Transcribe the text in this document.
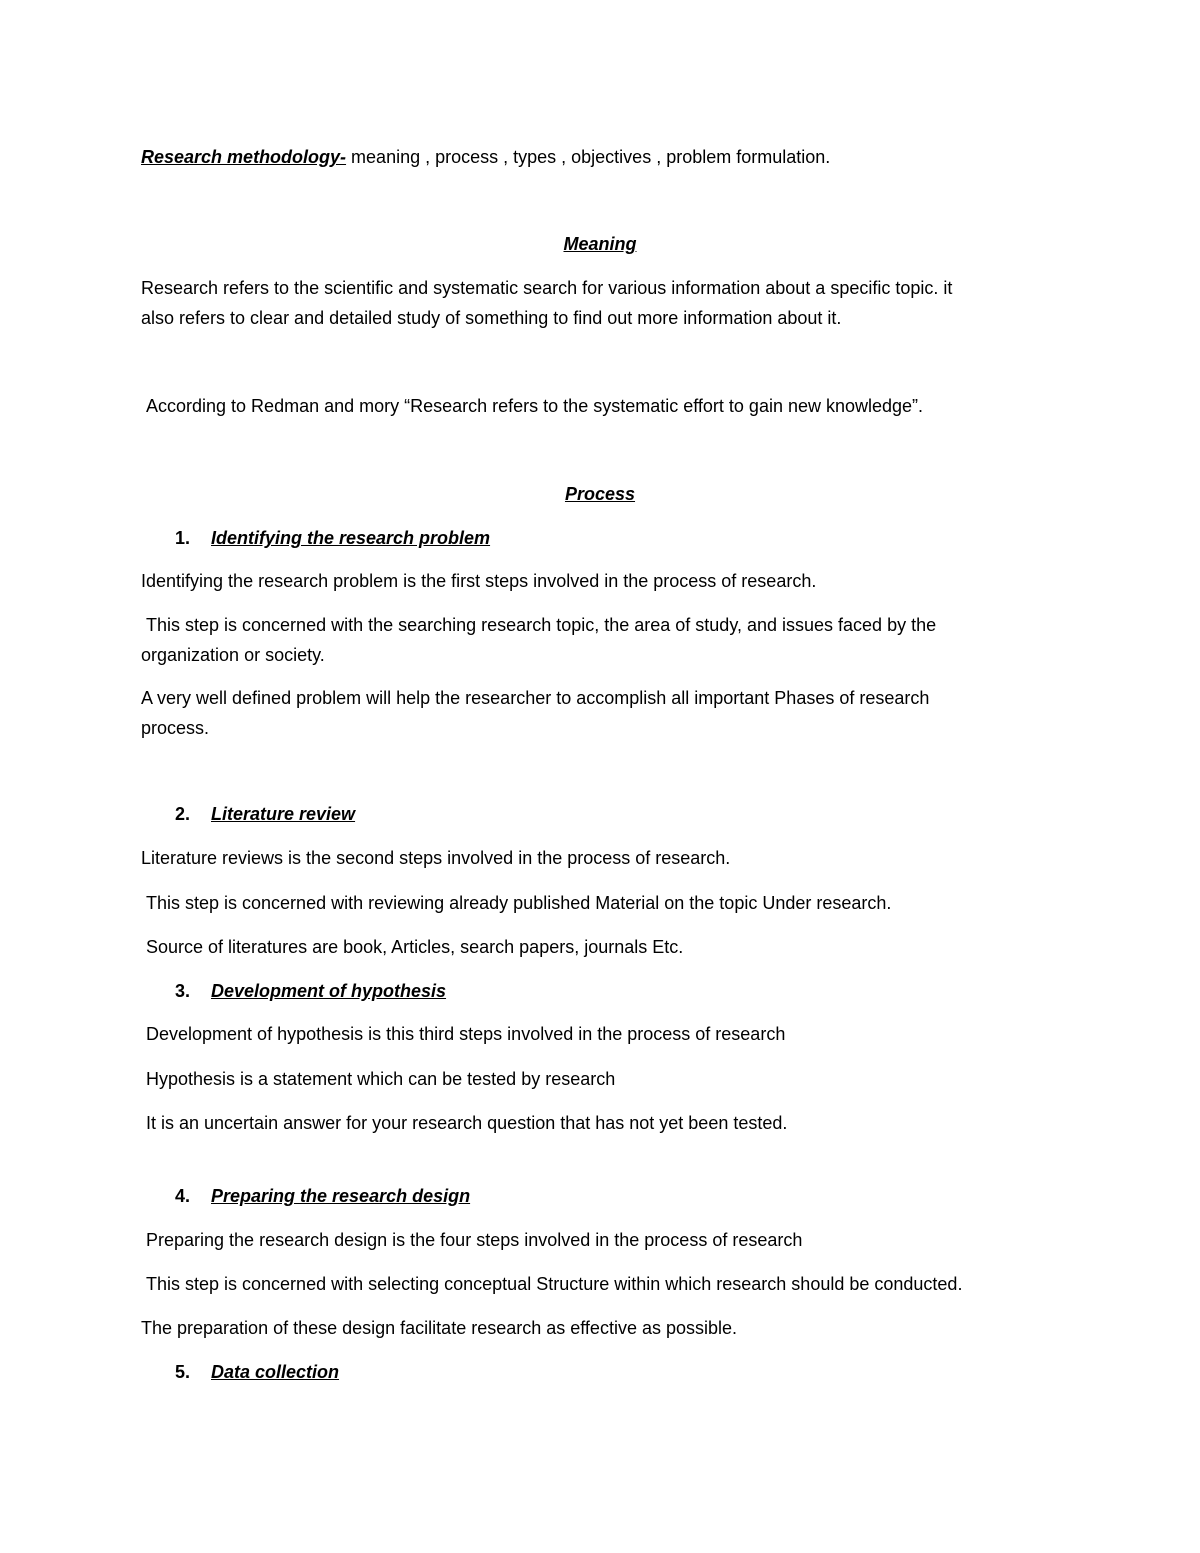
Research methodology- meaning , process , types , objectives , problem formulation.

Meaning

Research refers to the scientific and systematic search for various information about a specific topic. it

also refers to clear and detailed study of something to find out more information about it.

According to Redman and mory “Research refers to the systematic effort to gain new knowledge”.

Process

1. Identifying the research problem

Identifying the research problem is the first steps involved in the process of research.

This step is concerned with the searching research topic, the area of study, and issues faced by the

organization or society.

A very well defined problem will help the researcher to accomplish all important Phases of research

process.

2. Literature review

Literature reviews is the second steps involved in the process of research.

This step is concerned with reviewing already published Material on the topic Under research.

Source of literatures are book, Articles, search papers, journals Etc.

3. Development of hypothesis

Development of hypothesis is this third steps involved in the process of research

Hypothesis is a statement which can be tested by research

It is an uncertain answer for your research question that has not yet been tested.

4. Preparing the research design

Preparing the research design is the four steps involved in the process of research

This step is concerned with selecting conceptual Structure within which research should be conducted.

The preparation of these design facilitate research as effective as possible.

5. Data collection
